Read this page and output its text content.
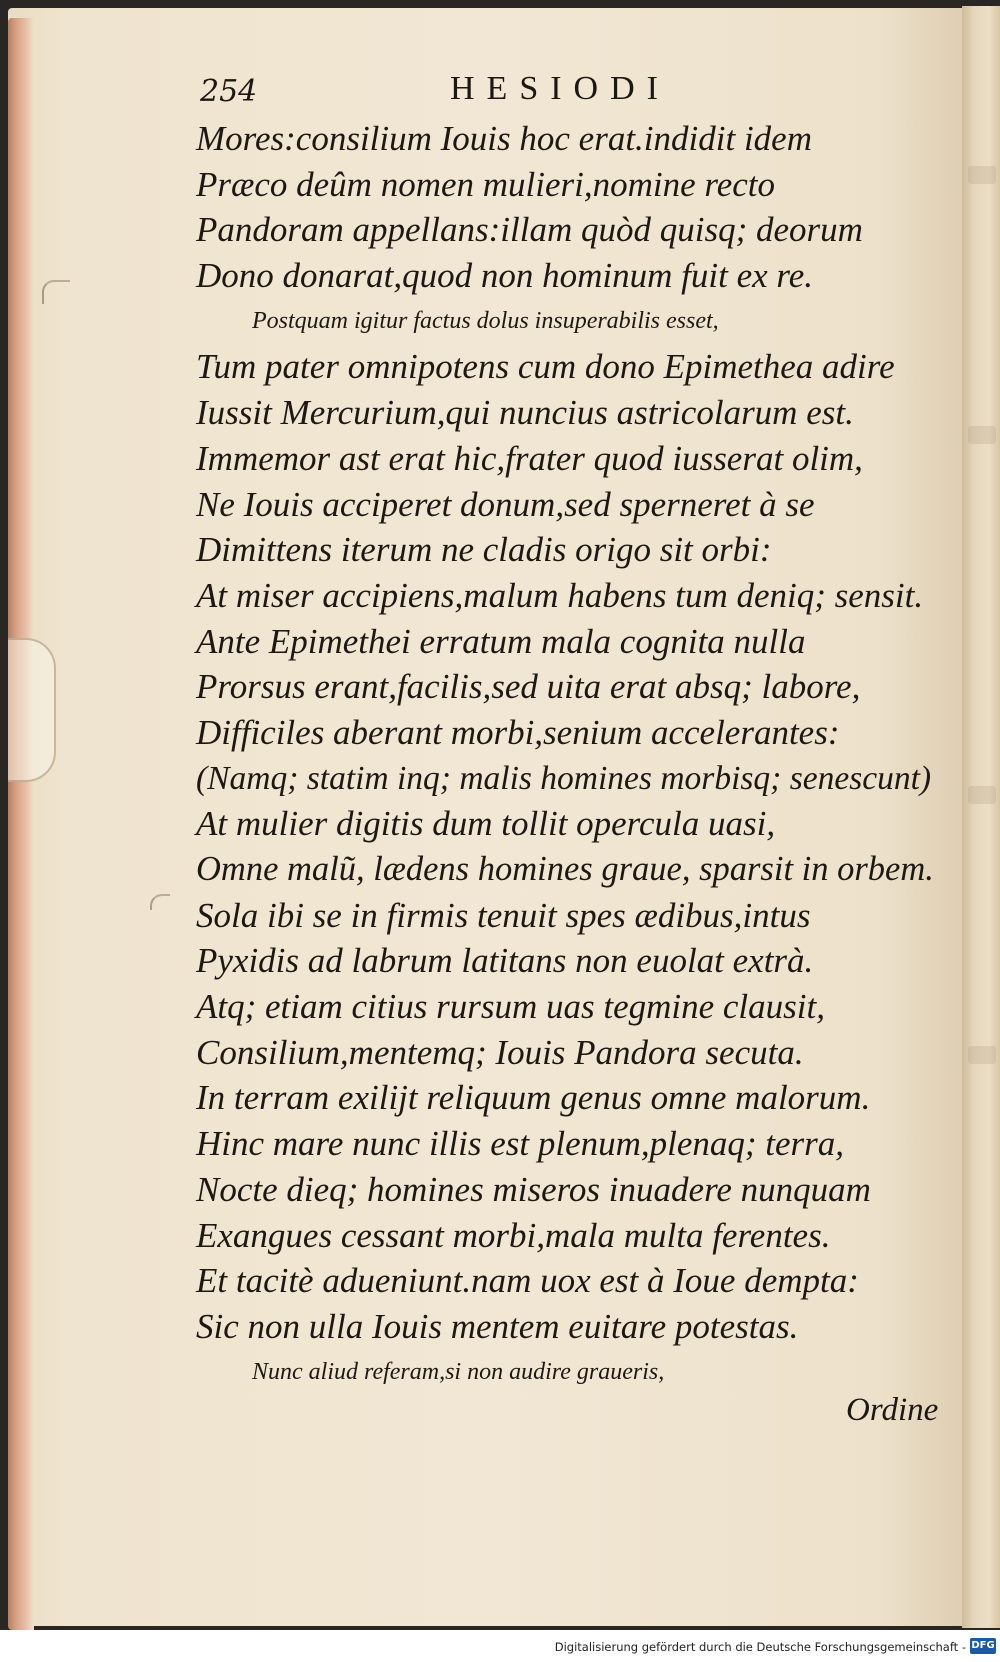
254	HESIODI
Mores:consilium Iouis hoc erat.indidit idem
Præco deûm nomen mulieri,nomine recto
Pandoram appellans:illam quòd quisq; deorum
Dono donarat,quod non hominum fuit ex re.
Postquam igitur factus dolus insuperabilis esset,
Tum pater omnipotens cum dono Epimethea adire
Iussit Mercurium,qui nuncius astricolarum est.
Immemor ast erat hic,frater quod iusserat olim,
Ne Iouis acciperet donum,sed sperneret à se
Dimittens iterum ne cladis origo sit orbi:
At miser accipiens,malum habens tum deniq; sensit.
Ante Epimethei erratum mala cognita nulla
Prorsus erant,facilis,sed uita erat absq; labore,
Difficiles aberant morbi,senium accelerantes:
(Namq; statim inq; malis homines morbisq; senescunt)
At mulier digitis dum tollit opercula uasi,
Omne malũ, lædens homines graue, sparsit in orbem.
Sola ibi se in firmis tenuit spes ædibus,intus
Pyxidis ad labrum latitans non euolat extrà.
Atq; etiam citius rursum uas tegmine clausit,
Consilium,mentemq; Iouis Pandora secuta.
In terram exilijt reliquum genus omne malorum.
Hinc mare nunc illis est plenum,plenaq; terra,
Nocte dieq; homines miseros inuadere nunquam
Exangues cessant morbi,mala multa ferentes.
Et tacitè adueniunt.nam uox est à Ioue dempta:
Sic non ulla Iouis mentem euitare potestas.
Nunc aliud referam,si non audire graueris,
Ordine
Digitalisierung gefördert durch die Deutsche Forschungsgemeinschaft - DFG
